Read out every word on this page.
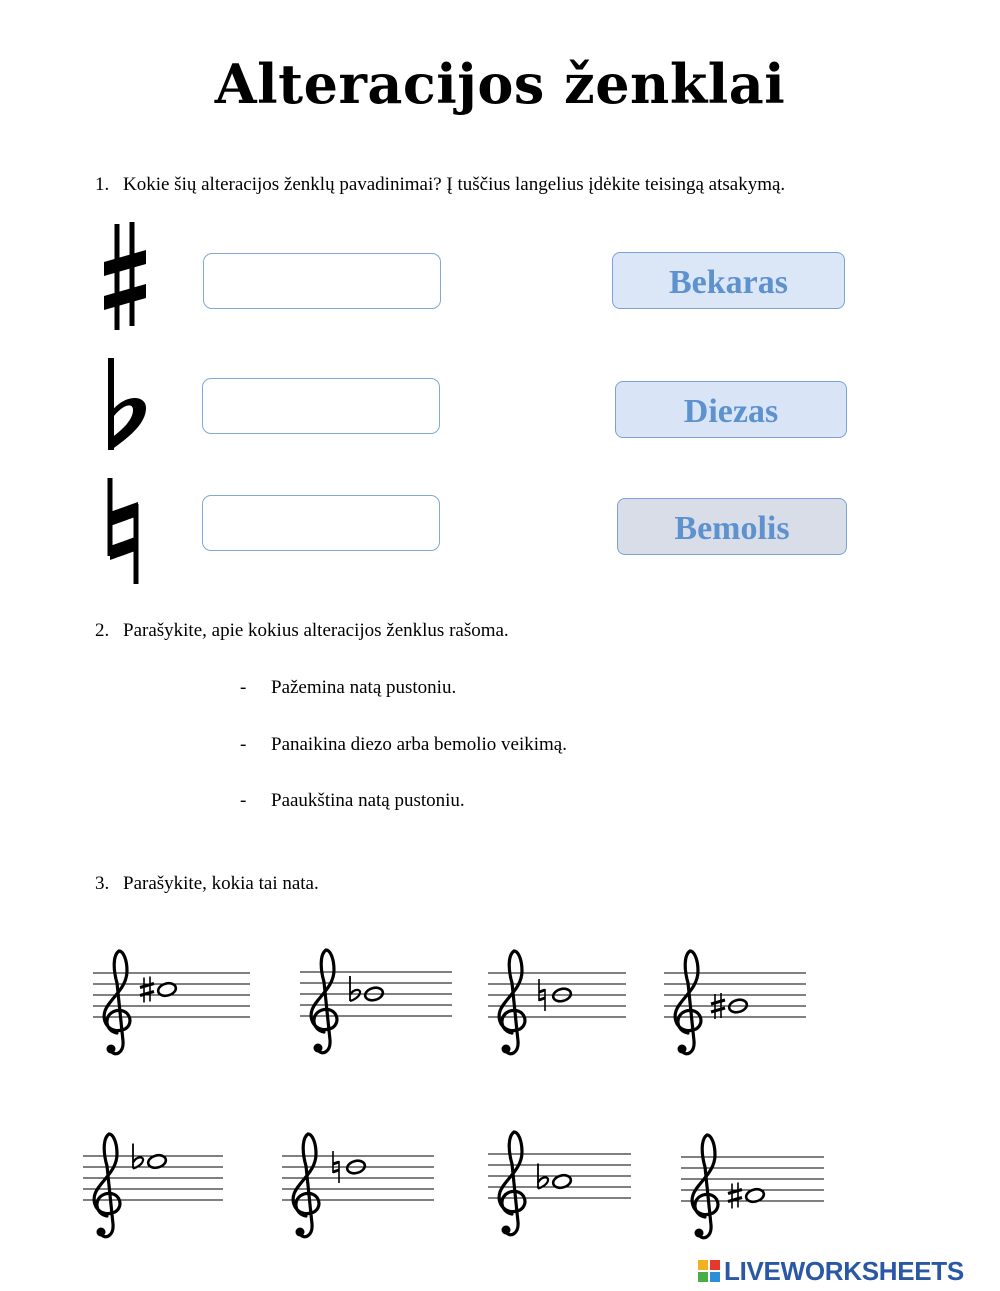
Alteracijos ženklai
1. Kokie šių alteracijos ženklų pavadinimai? Į tuščius langelius įdėkite teisingą atsakymą.
Bekaras
Diezas
Bemolis
2. Parašykite, apie kokius alteracijos ženklus rašoma.
- Pažemina natą pustoniu.
- Panaikina diezo arba bemolio veikimą.
- Paaukština natą pustoniu.
3. Parašykite, kokia tai nata.
LIVEWORKSHEETS
